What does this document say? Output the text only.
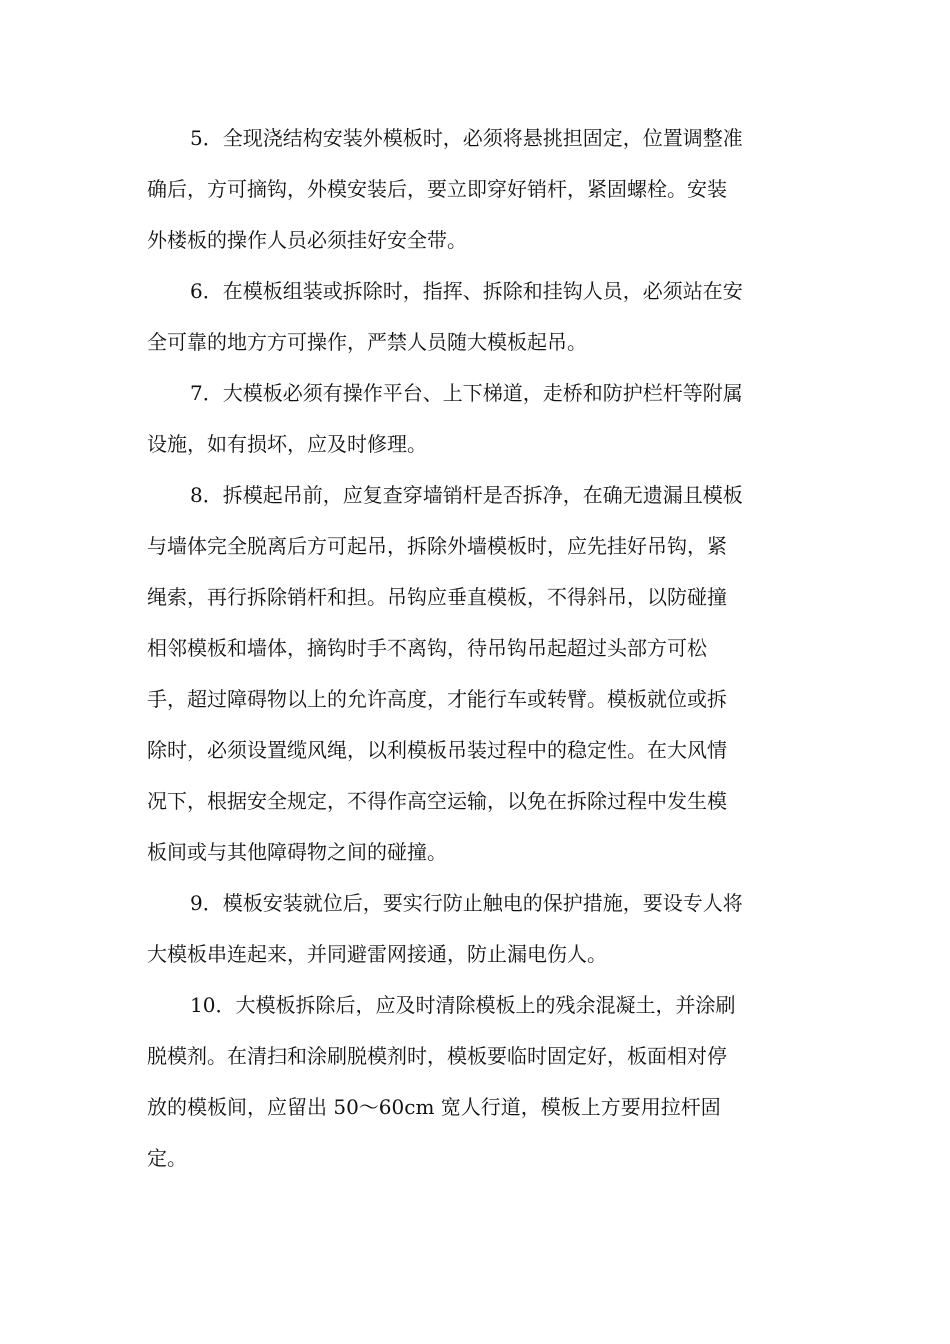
5．全现浇结构安装外模板时，必须将悬挑担固定，位置调整准
确后，方可摘钩，外模安装后，要立即穿好销杆，紧固螺栓。安装
外楼板的操作人员必须挂好安全带。
6．在模板组装或拆除时，指挥、拆除和挂钩人员，必须站在安
全可靠的地方方可操作，严禁人员随大模板起吊。
7．大模板必须有操作平台、上下梯道，走桥和防护栏杆等附属
设施，如有损坏，应及时修理。
8．拆模起吊前，应复查穿墙销杆是否拆净，在确无遗漏且模板
与墙体完全脱离后方可起吊，拆除外墙模板时，应先挂好吊钩，紧
绳索，再行拆除销杆和担。吊钩应垂直模板，不得斜吊，以防碰撞
相邻模板和墙体，摘钩时手不离钩，待吊钩吊起超过头部方可松
手，超过障碍物以上的允许高度，才能行车或转臂。模板就位或拆
除时，必须设置缆风绳，以利模板吊装过程中的稳定性。在大风情
况下，根据安全规定，不得作高空运输，以免在拆除过程中发生模
板间或与其他障碍物之间的碰撞。
9．模板安装就位后，要实行防止触电的保护措施，要设专人将
大模板串连起来，并同避雷网接通，防止漏电伤人。
10．大模板拆除后，应及时清除模板上的残余混凝土，并涂刷
脱模剂。在清扫和涂刷脱模剂时，模板要临时固定好，板面相对停
放的模板间，应留出 50～60cm 宽人行道，模板上方要用拉杆固
定。
